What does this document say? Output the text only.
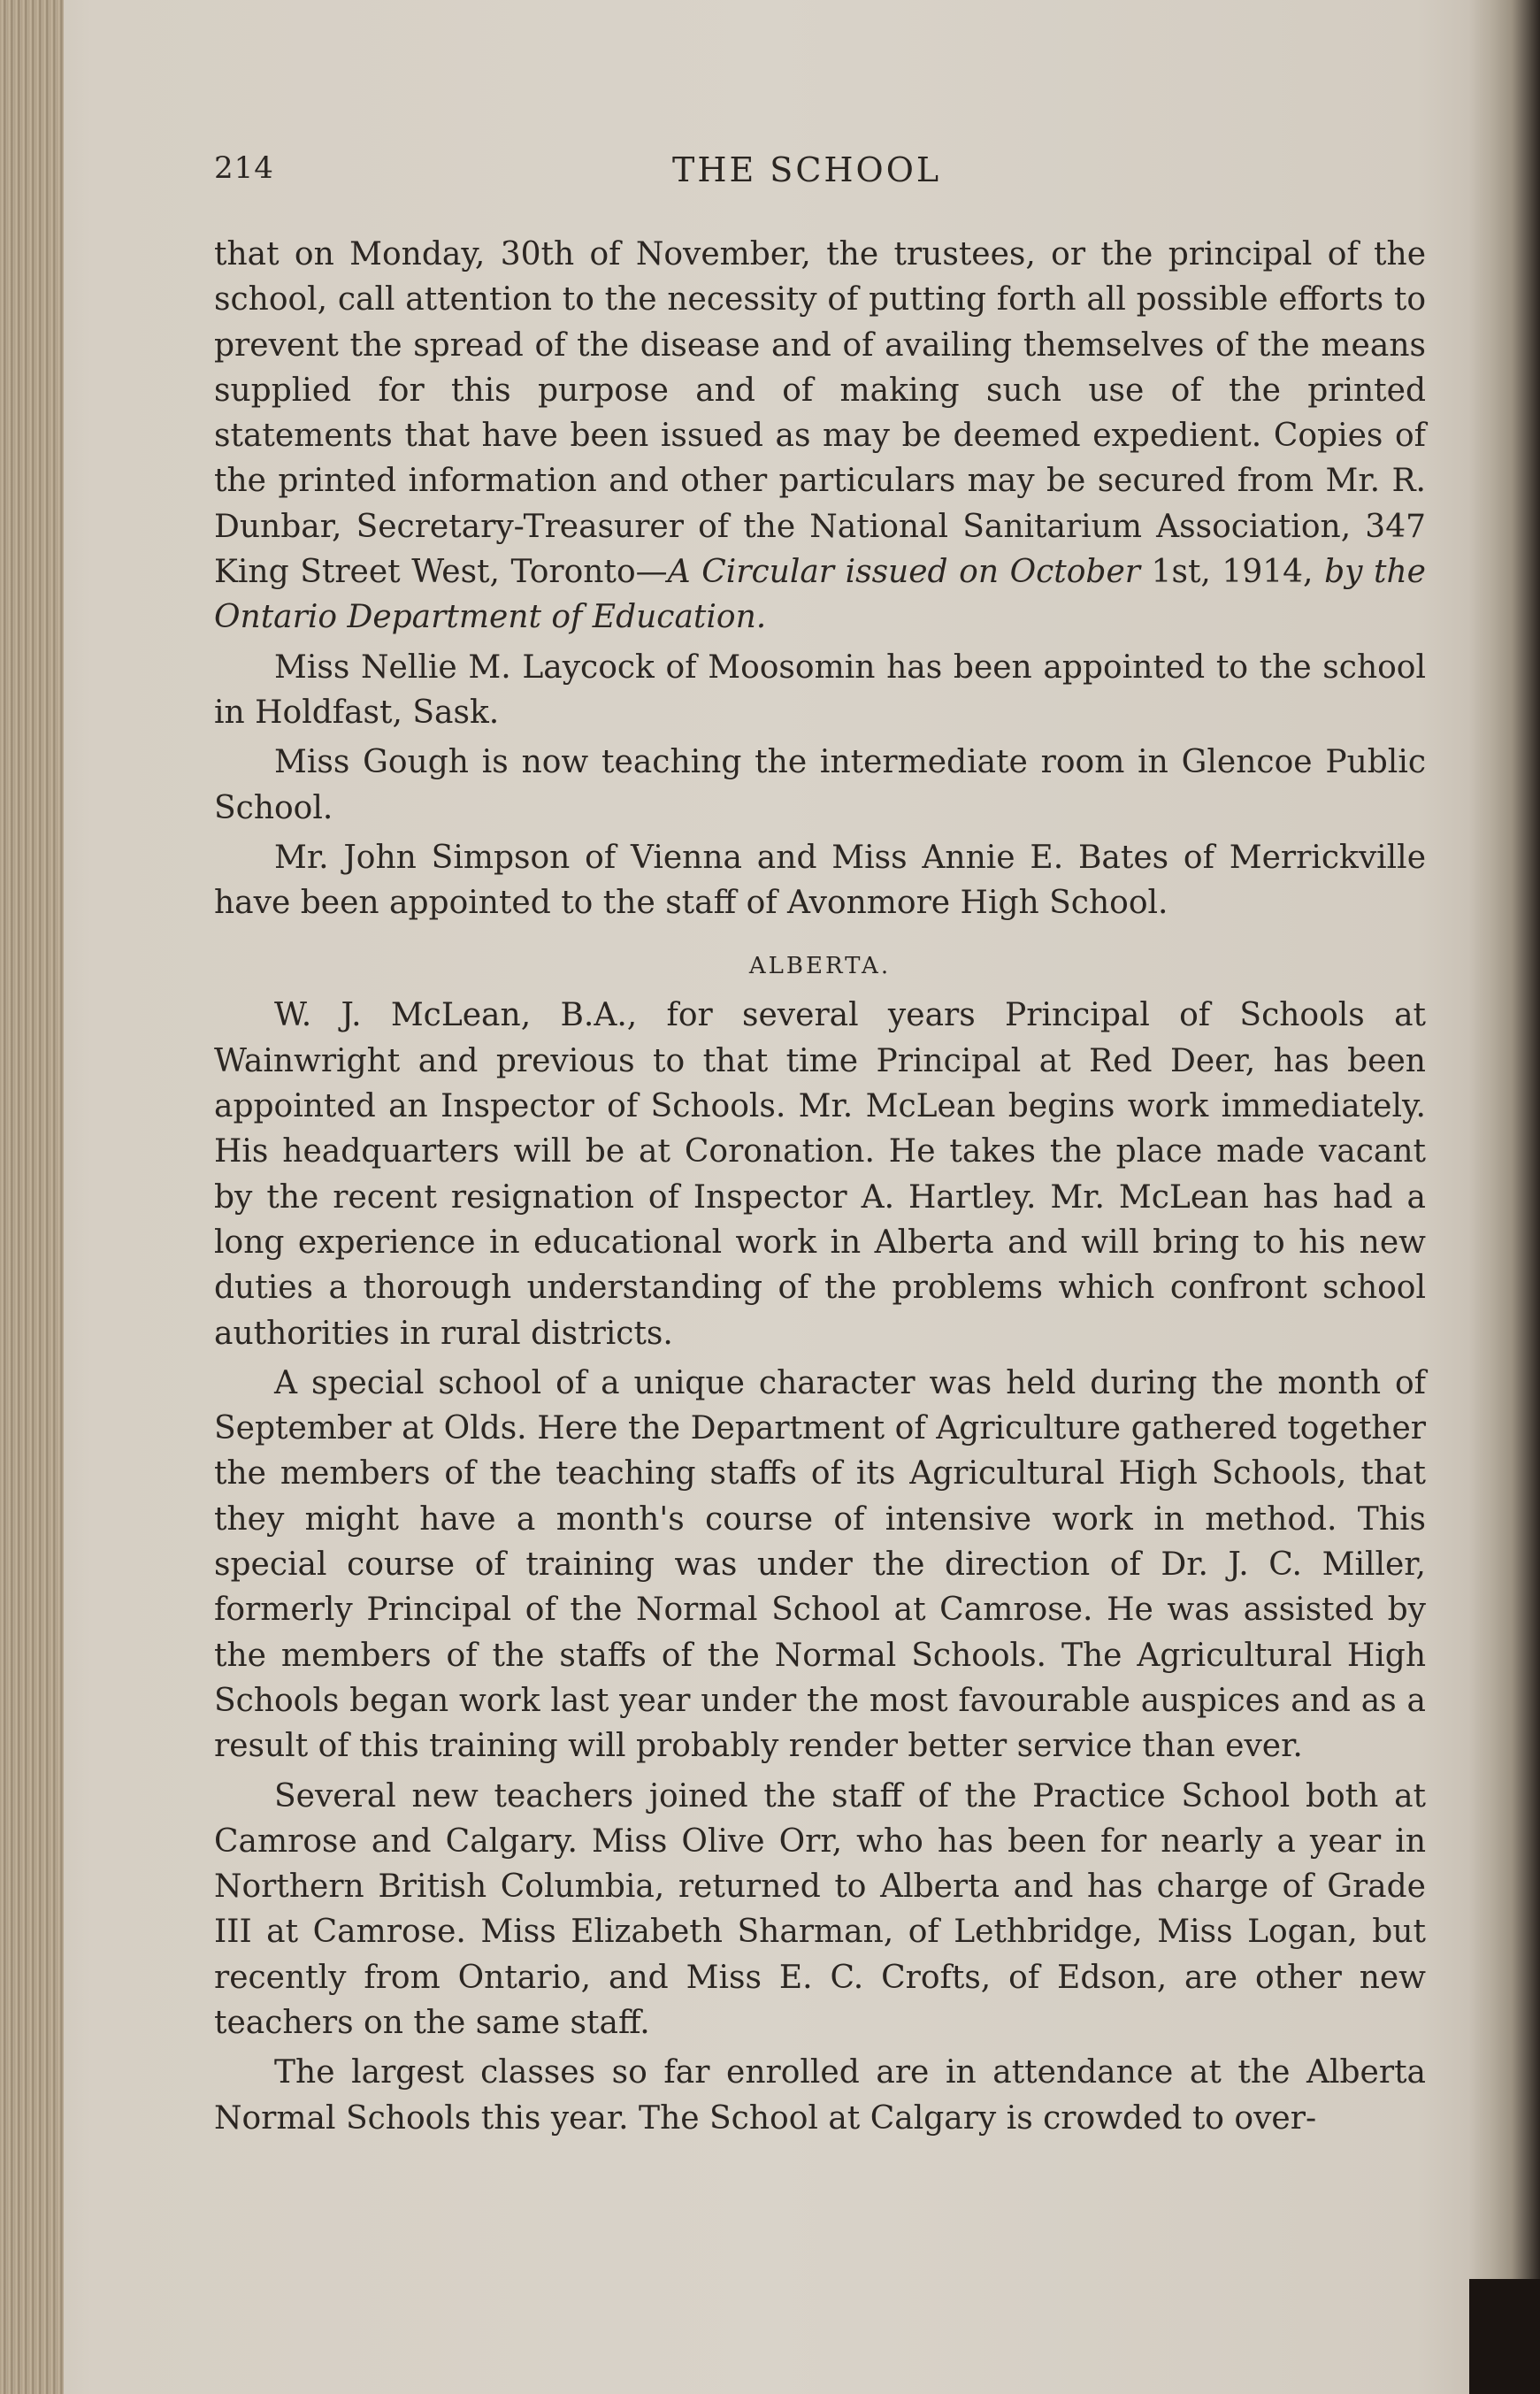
214	THE SCHOOL

that on Monday, 30th of November, the trustees, or the principal of the school, call attention to the necessity of putting forth all possible efforts to prevent the spread of the disease and of availing themselves of the means supplied for this purpose and of making such use of the printed statements that have been issued as may be deemed expedient. Copies of the printed information and other particulars may be secured from Mr. R. Dunbar, Secretary-Treasurer of the National Sanitarium Association, 347 King Street West, Toronto—A Circular issued on October 1st, 1914, by the Ontario Department of Education.

Miss Nellie M. Laycock of Moosomin has been appointed to the school in Holdfast, Sask.

Miss Gough is now teaching the intermediate room in Glencoe Public School.

Mr. John Simpson of Vienna and Miss Annie E. Bates of Merrickville have been appointed to the staff of Avonmore High School.

ALBERTA.

W. J. McLean, B.A., for several years Principal of Schools at Wainwright and previous to that time Principal at Red Deer, has been appointed an Inspector of Schools. Mr. McLean begins work immediately. His headquarters will be at Coronation. He takes the place made vacant by the recent resignation of Inspector A. Hartley. Mr. McLean has had a long experience in educational work in Alberta and will bring to his new duties a thorough understanding of the problems which confront school authorities in rural districts.

A special school of a unique character was held during the month of September at Olds. Here the Department of Agriculture gathered together the members of the teaching staffs of its Agricultural High Schools, that they might have a month's course of intensive work in method. This special course of training was under the direction of Dr. J. C. Miller, formerly Principal of the Normal School at Camrose. He was assisted by the members of the staffs of the Normal Schools. The Agricultural High Schools began work last year under the most favourable auspices and as a result of this training will probably render better service than ever.

Several new teachers joined the staff of the Practice School both at Camrose and Calgary. Miss Olive Orr, who has been for nearly a year in Northern British Columbia, returned to Alberta and has charge of Grade III at Camrose. Miss Elizabeth Sharman, of Lethbridge, Miss Logan, but recently from Ontario, and Miss E. C. Crofts, of Edson, are other new teachers on the same staff.

The largest classes so far enrolled are in attendance at the Alberta Normal Schools this year. The School at Calgary is crowded to over-
